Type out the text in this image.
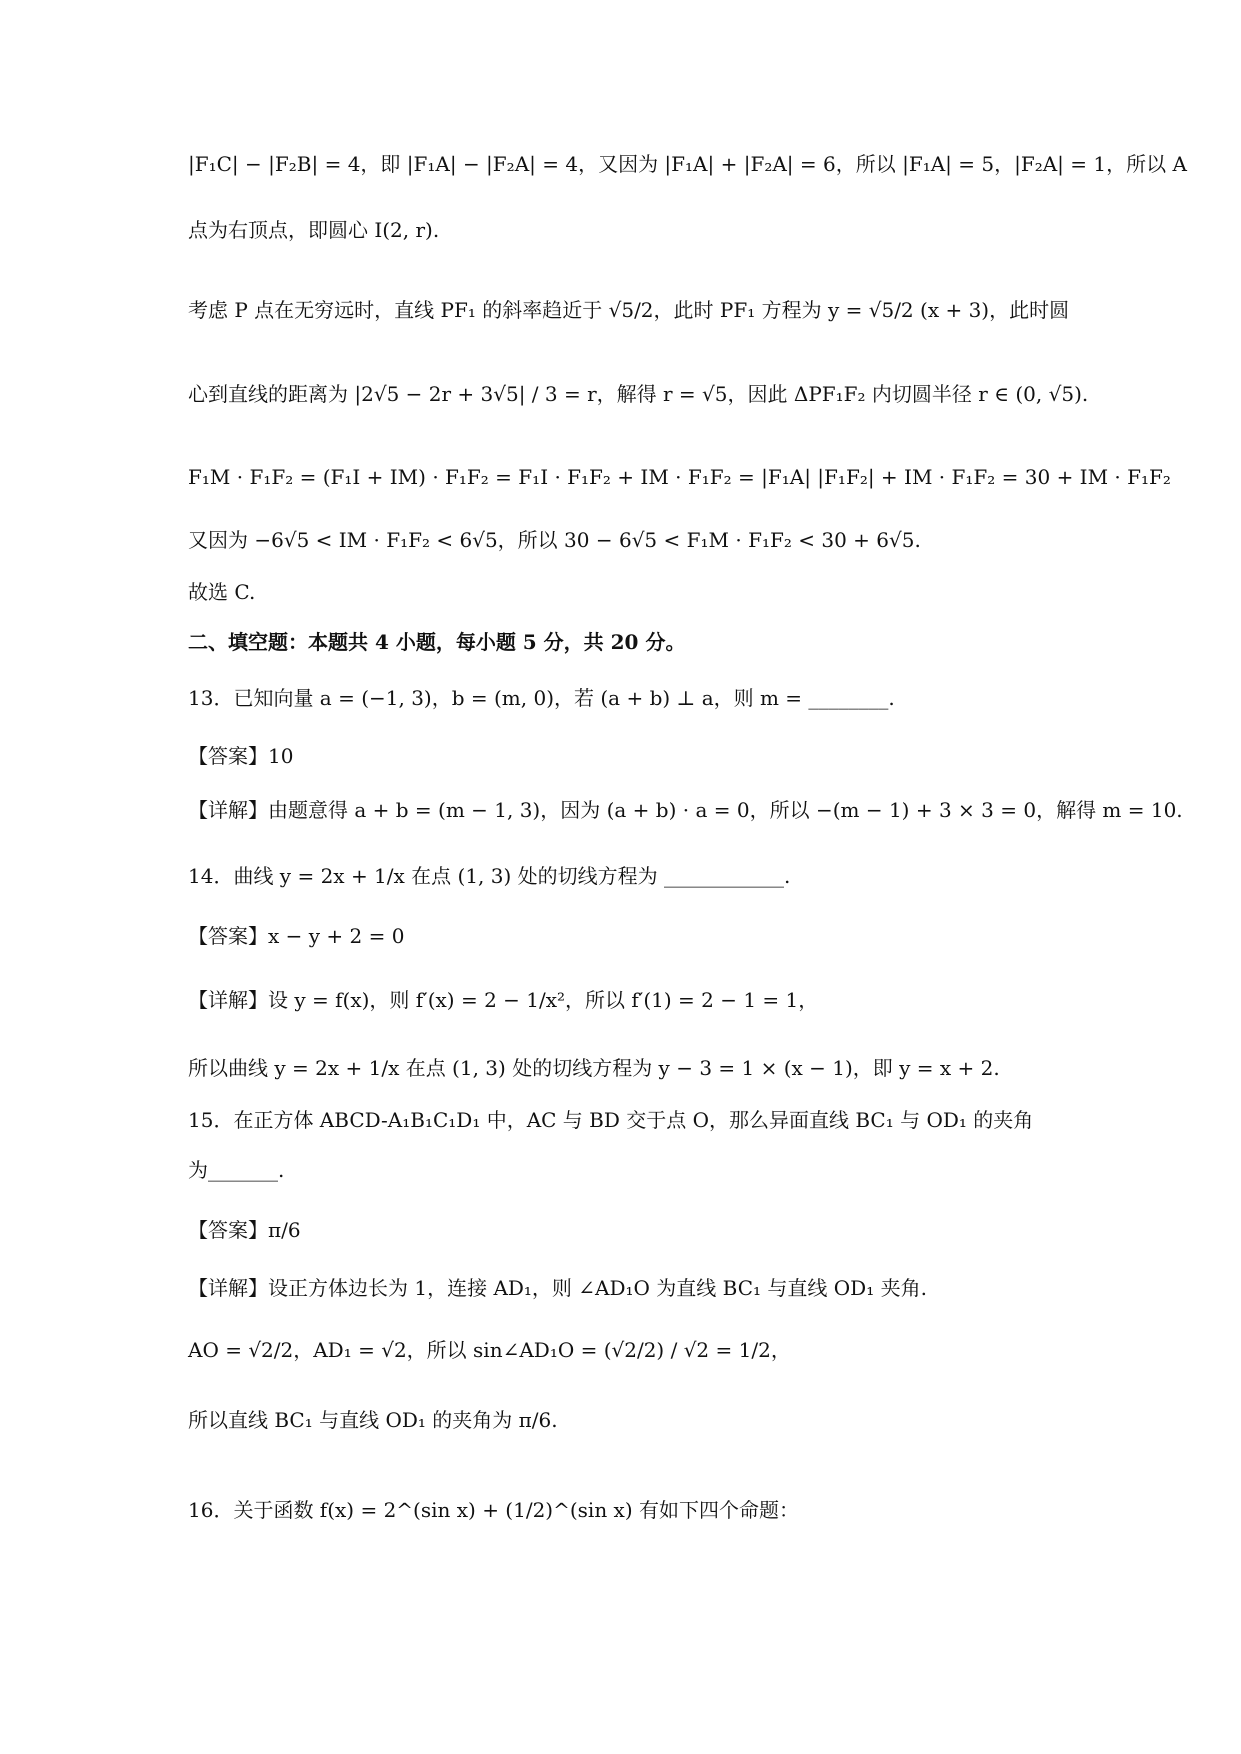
|F₁C| − |F₂B| = 4，即 |F₁A| − |F₂A| = 4，又因为 |F₁A| + |F₂A| = 6，所以 |F₁A| = 5，|F₂A| = 1，所以 A
点为右顶点，即圆心 I(2, r).
考虑 P 点在无穷远时，直线 PF₁ 的斜率趋近于 √5/2，此时 PF₁ 方程为 y = √5/2 (x + 3)，此时圆
心到直线的距离为 |2√5 − 2r + 3√5| / 3 = r，解得 r = √5，因此 ΔPF₁F₂ 内切圆半径 r ∈ (0, √5).
F₁M · F₁F₂ = (F₁I + IM) · F₁F₂ = F₁I · F₁F₂ + IM · F₁F₂ = |F₁A| |F₁F₂| + IM · F₁F₂ = 30 + IM · F₁F₂
又因为 −6√5 < IM · F₁F₂ < 6√5，所以 30 − 6√5 < F₁M · F₁F₂ < 30 + 6√5.
故选 C.
二、填空题：本题共 4 小题，每小题 5 分，共 20 分。
13．已知向量 a = (−1, 3)，b = (m, 0)，若 (a + b) ⊥ a，则 m = ________.
【答案】10
【详解】由题意得 a + b = (m − 1, 3)，因为 (a + b) · a = 0，所以 −(m − 1) + 3 × 3 = 0，解得 m = 10.
14．曲线 y = 2x + 1/x 在点 (1, 3) 处的切线方程为 ____________.
【答案】x − y + 2 = 0
【详解】设 y = f(x)，则 f′(x) = 2 − 1/x²，所以 f′(1) = 2 − 1 = 1，
所以曲线 y = 2x + 1/x 在点 (1, 3) 处的切线方程为 y − 3 = 1 × (x − 1)，即 y = x + 2.
15．在正方体 ABCD-A₁B₁C₁D₁ 中，AC 与 BD 交于点 O，那么异面直线 BC₁ 与 OD₁ 的夹角
为_______.
【答案】π/6
【详解】设正方体边长为 1，连接 AD₁，则 ∠AD₁O 为直线 BC₁ 与直线 OD₁ 夹角.
AO = √2/2，AD₁ = √2，所以 sin∠AD₁O = (√2/2) / √2 = 1/2，
所以直线 BC₁ 与直线 OD₁ 的夹角为 π/6.
16．关于函数 f(x) = 2^(sin x) + (1/2)^(sin x) 有如下四个命题：
